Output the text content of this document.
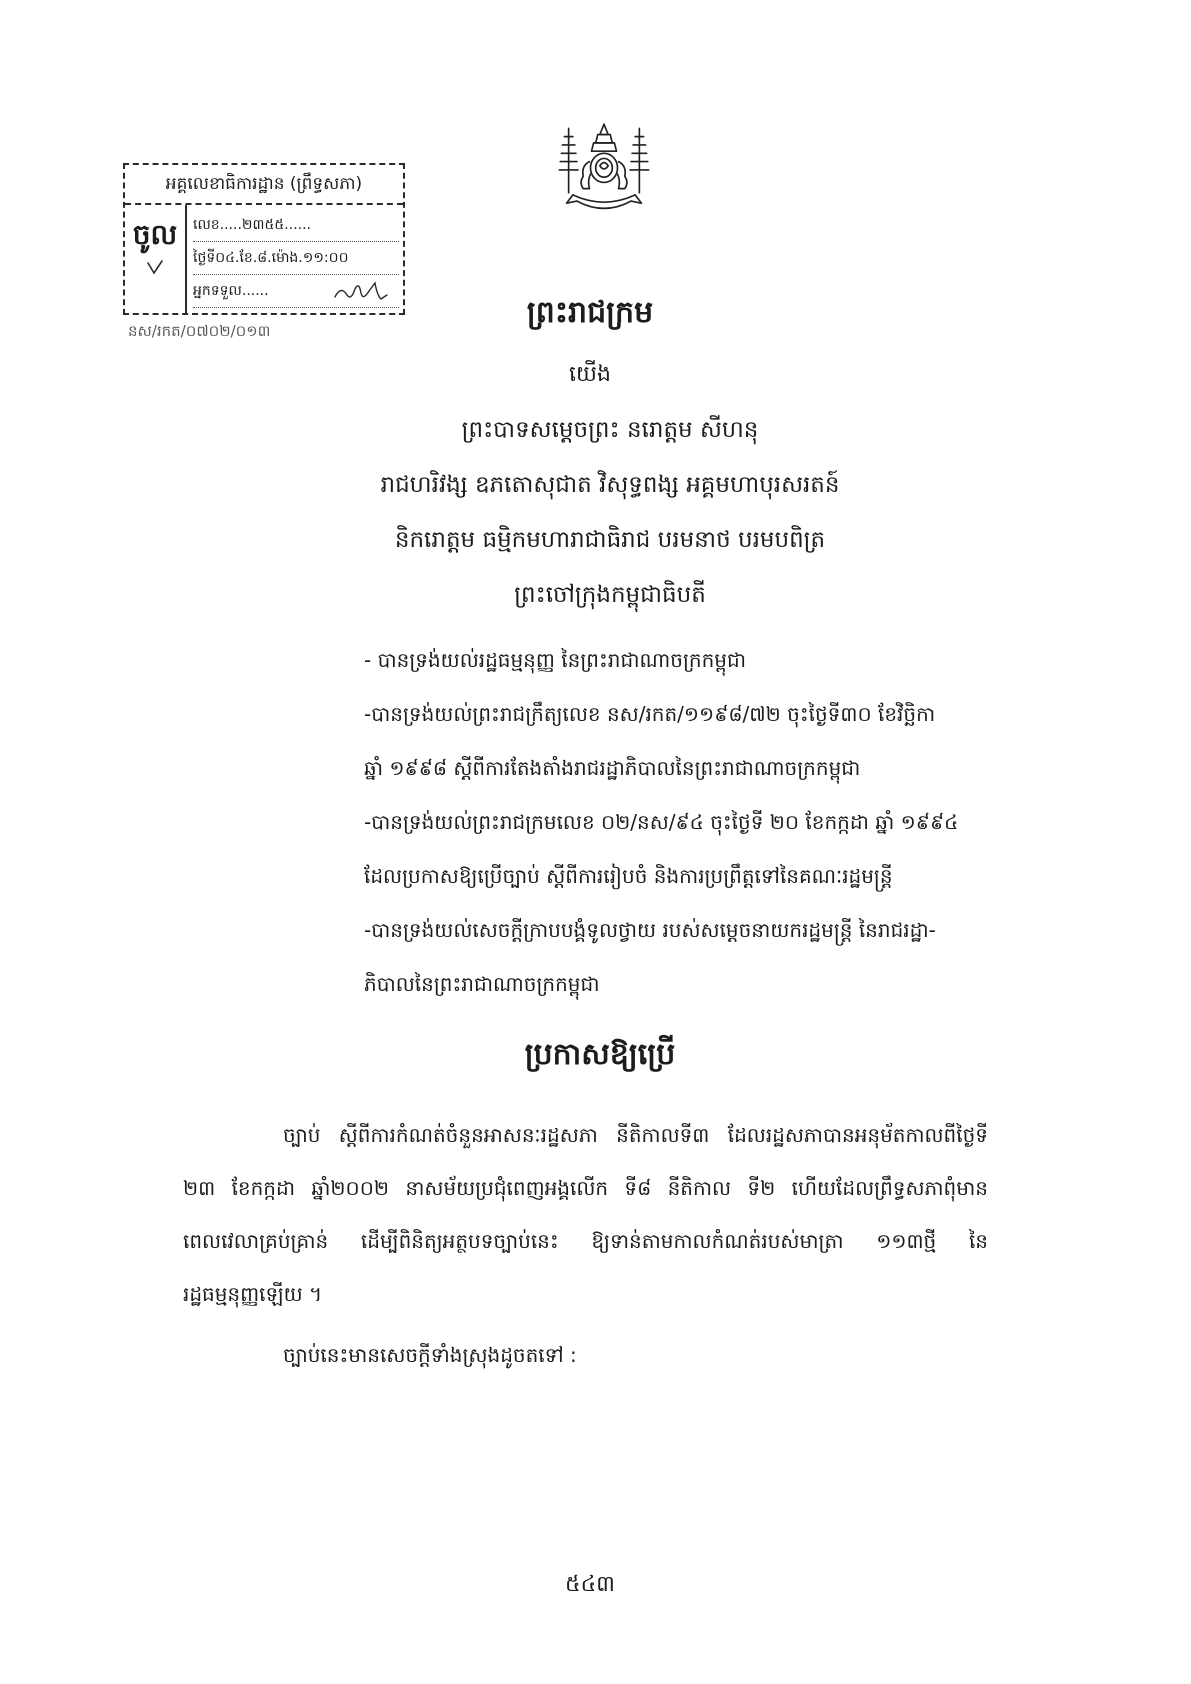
អគ្គលេខាធិការដ្ឋាន (ព្រឹទ្ធសភា)
ចូល	លេខ.....២៣៥៥......
ថ្ងៃទី០៤.ខែ.៨.ម៉ោង.១១:០០
អ្នកទទួល......
នស/រកត/០៧០២/០១៣
ព្រះរាជក្រម
យើង
ព្រះបាទសម្តេចព្រះ នរោត្តម សីហនុ
រាជហរិវង្ស ឧភតោសុជាត វិសុទ្ធពង្ស អគ្គមហាបុរសរតន៍
និករោត្តម ធម្មិកមហារាជាធិរាជ បរមនាថ បរមបពិត្រ
ព្រះចៅក្រុងកម្ពុជាធិបតី
- បានទ្រង់យល់រដ្ឋធម្មនុញ្ញ នៃព្រះរាជាណាចក្រកម្ពុជា
-បានទ្រង់យល់ព្រះរាជក្រឹត្យលេខ នស/រកត/១១៩៨/៧២ ចុះថ្ងៃទី៣០ ខែវិច្ឆិកា
ឆ្នាំ ១៩៩៨ ស្តីពីការតែងតាំងរាជរដ្ឋាភិបាលនៃព្រះរាជាណាចក្រកម្ពុជា
-បានទ្រង់យល់ព្រះរាជក្រមលេខ ០២/នស/៩៤ ចុះថ្ងៃទី ២០ ខែកក្កដា ឆ្នាំ ១៩៩៤
ដែលប្រកាសឱ្យប្រើច្បាប់ ស្តីពីការរៀបចំ និងការប្រព្រឹត្តទៅនៃគណៈរដ្ឋមន្ត្រី
-បានទ្រង់យល់សេចក្តីក្រាបបង្គំទូលថ្វាយ របស់សម្តេចនាយករដ្ឋមន្ត្រី នៃរាជរដ្ឋា-
ភិបាលនៃព្រះរាជាណាចក្រកម្ពុជា
ប្រកាសឱ្យប្រើ
ច្បាប់ ស្តីពីការកំណត់ចំនួនអាសនៈរដ្ឋសភា នីតិកាលទី៣ ដែលរដ្ឋសភាបានអនុម័តកាលពីថ្ងៃទី
២៣ ខែកក្កដា ឆ្នាំ២០០២ នាសម័យប្រជុំពេញអង្គលើក ទី៨ នីតិកាល ទី២ ហើយដែលព្រឹទ្ធសភាពុំមាន
ពេលវេលាគ្រប់គ្រាន់ ដើម្បីពិនិត្យអត្ថបទច្បាប់នេះ ឱ្យទាន់តាមកាលកំណត់របស់មាត្រា ១១៣ថ្មី នៃ
រដ្ឋធម្មនុញ្ញឡើយ ។
ច្បាប់នេះមានសេចក្តីទាំងស្រុងដូចតទៅ :
៥៤៣
